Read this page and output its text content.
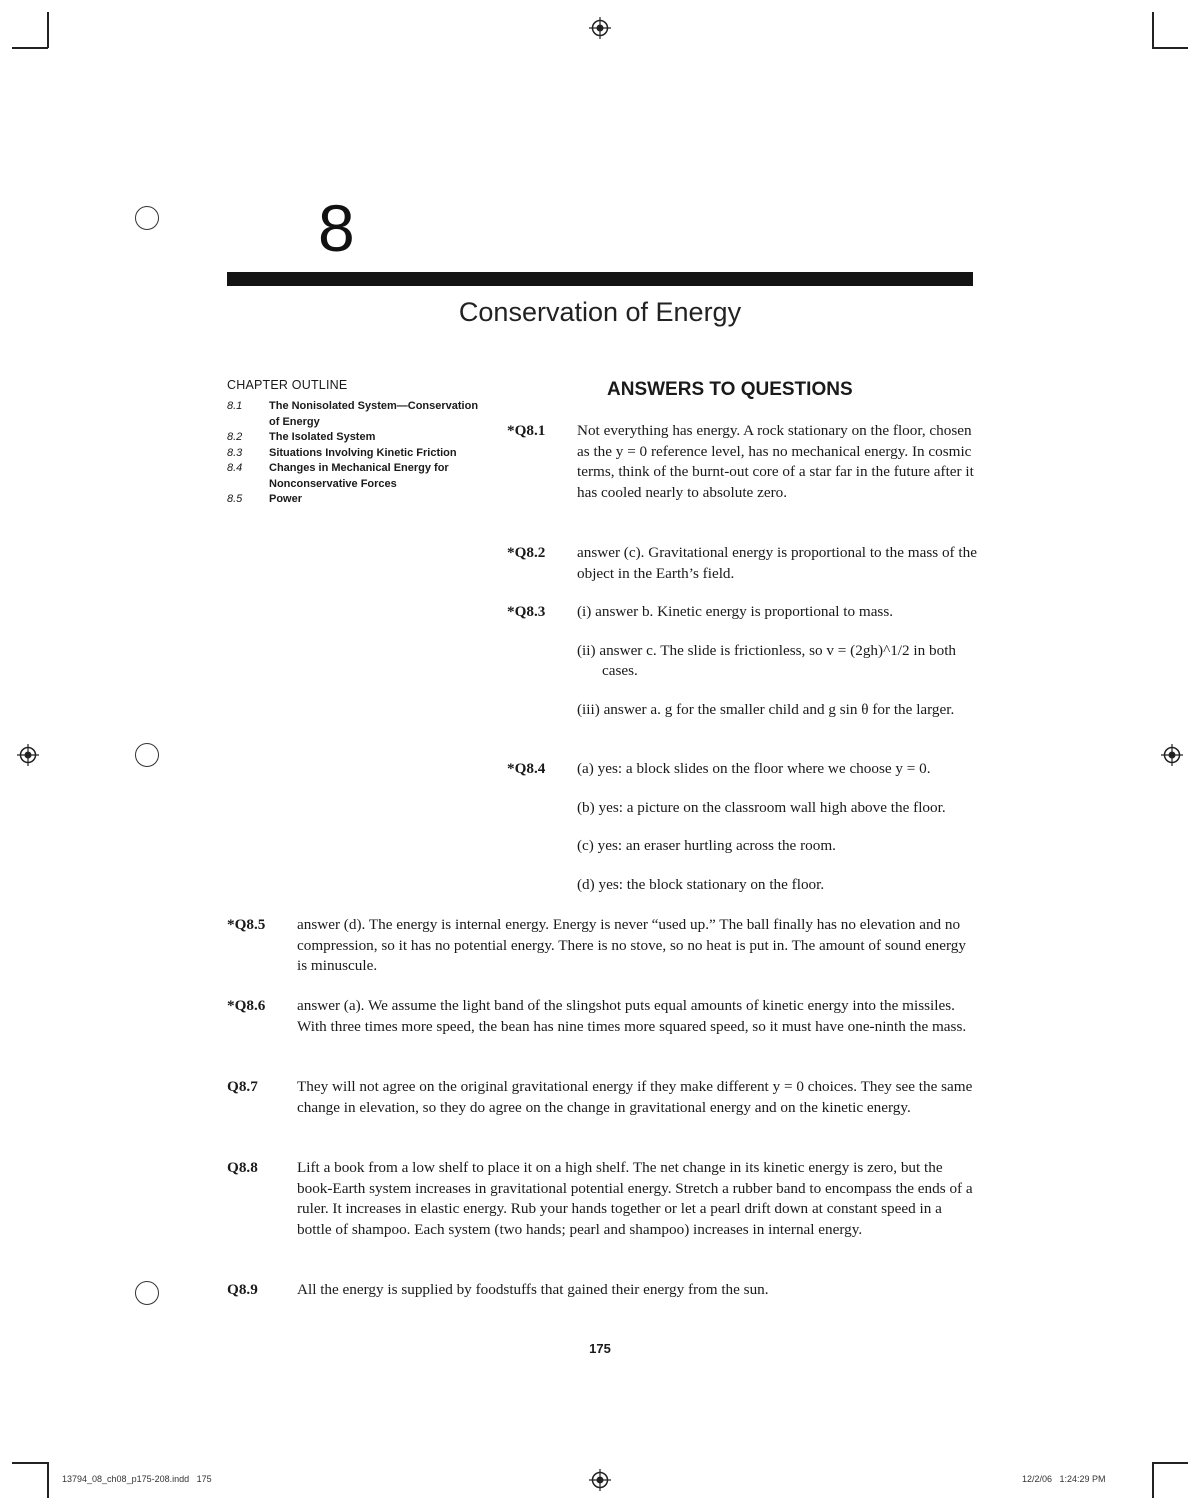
8
Conservation of Energy
CHAPTER OUTLINE
8.1	The Nonisolated System—Conservation of Energy
8.2	The Isolated System
8.3	Situations Involving Kinetic Friction
8.4	Changes in Mechanical Energy for Nonconservative Forces
8.5	Power
ANSWERS TO QUESTIONS
*Q8.1	Not everything has energy. A rock stationary on the floor, chosen as the y = 0 reference level, has no mechanical energy. In cosmic terms, think of the burnt-out core of a star far in the future after it has cooled nearly to absolute zero.

*Q8.2	answer (c). Gravitational energy is proportional to the mass of the object in the Earth’s field.

*Q8.3	(i) answer b. Kinetic energy is proportional to mass.

(ii) answer c. The slide is frictionless, so v = (2gh)^1/2 in both cases.

(iii) answer a. g for the smaller child and g sin θ for the larger.

*Q8.4	(a) yes: a block slides on the floor where we choose y = 0.

(b) yes: a picture on the classroom wall high above the floor.

(c) yes: an eraser hurtling across the room.

(d) yes: the block stationary on the floor.

*Q8.5	answer (d). The energy is internal energy. Energy is never “used up.” The ball finally has no elevation and no compression, so it has no potential energy. There is no stove, so no heat is put in. The amount of sound energy is minuscule.

*Q8.6	answer (a). We assume the light band of the slingshot puts equal amounts of kinetic energy into the missiles. With three times more speed, the bean has nine times more squared speed, so it must have one-ninth the mass.

Q8.7	They will not agree on the original gravitational energy if they make different y = 0 choices. They see the same change in elevation, so they do agree on the change in gravitational energy and on the kinetic energy.

Q8.8	Lift a book from a low shelf to place it on a high shelf. The net change in its kinetic energy is zero, but the book-Earth system increases in gravitational potential energy. Stretch a rubber band to encompass the ends of a ruler. It increases in elastic energy. Rub your hands together or let a pearl drift down at constant speed in a bottle of shampoo. Each system (two hands; pearl and shampoo) increases in internal energy.

Q8.9	All the energy is supplied by foodstuffs that gained their energy from the sun.

175
13794_08_ch08_p175-208.indd   175	12/2/06   1:24:29 PM
